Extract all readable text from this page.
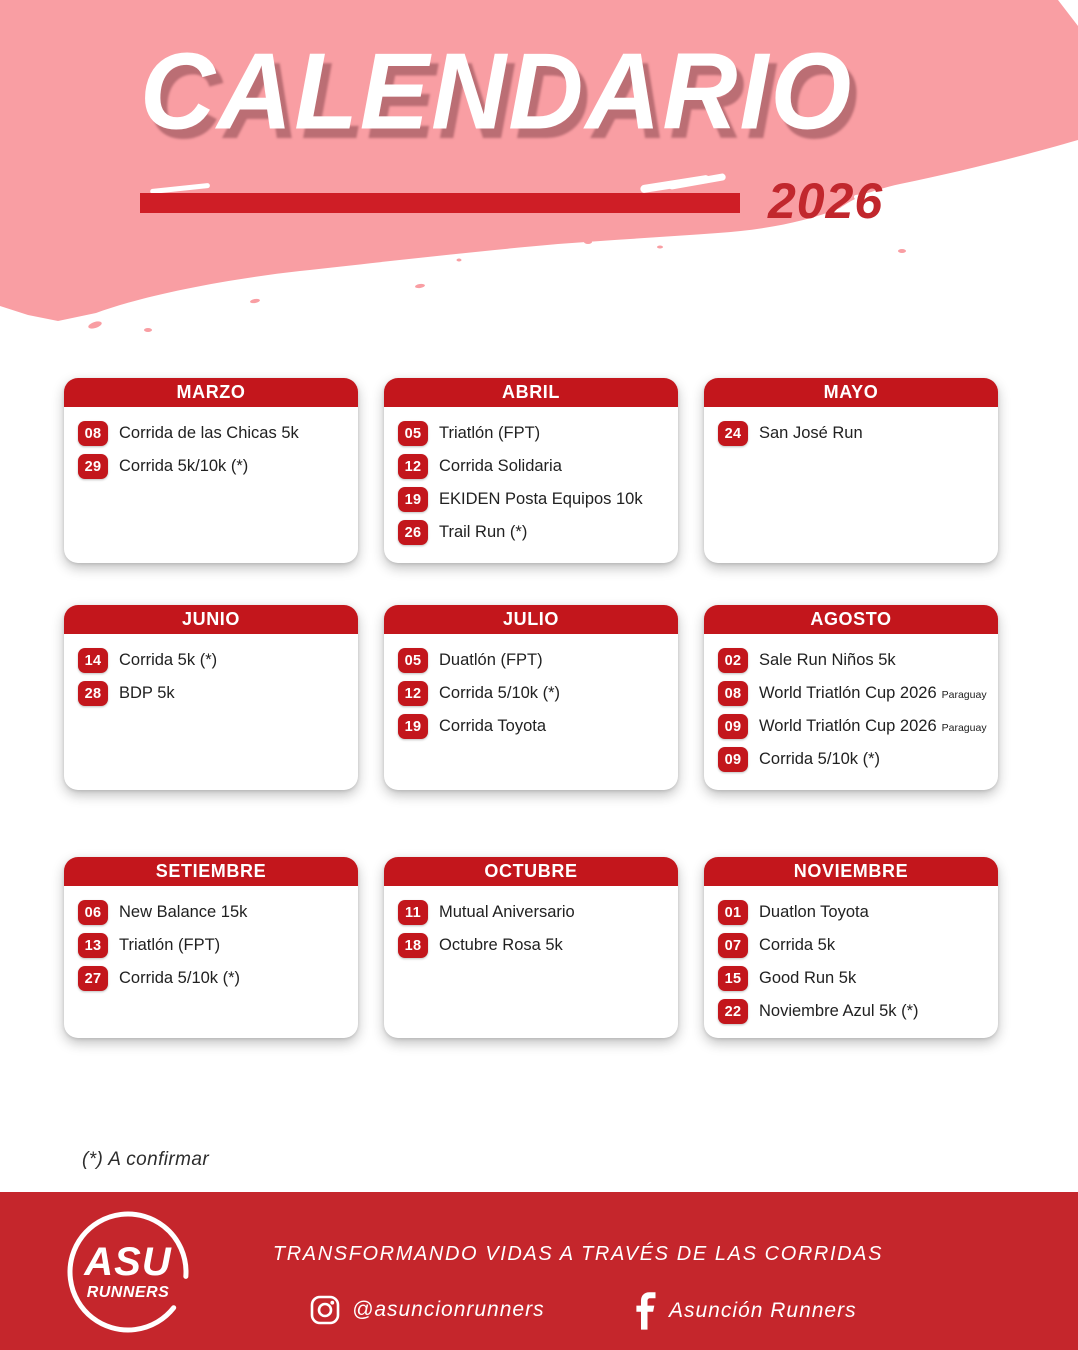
CALENDARIO
2026
MARZO
08	Corrida de las Chicas 5k
29	Corrida 5k/10k (*)
ABRIL
05	Triatlón (FPT)
12	Corrida Solidaria
19	EKIDEN Posta Equipos 10k
26	Trail Run (*)
MAYO
24	San José Run
JUNIO
14	Corrida 5k (*)
28	BDP 5k
JULIO
05	Duatlón (FPT)
12	Corrida 5/10k (*)
19	Corrida Toyota
AGOSTO
02	Sale Run Niños 5k
08	World Triatlón Cup 2026 Paraguay
09	World Triatlón Cup 2026 Paraguay
09	Corrida 5/10k (*)
SETIEMBRE
06	New Balance 15k
13	Triatlón (FPT)
27	Corrida 5/10k (*)
OCTUBRE
11	Mutual Aniversario
18	Octubre Rosa 5k
NOVIEMBRE
01	Duatlon Toyota
07	Corrida 5k
15	Good Run 5k
22	Noviembre Azul 5k (*)
(*) A confirmar
ASU
RUNNERS
TRANSFORMANDO VIDAS A TRAVÉS DE LAS CORRIDAS
@asuncionrunners	Asunción Runners
